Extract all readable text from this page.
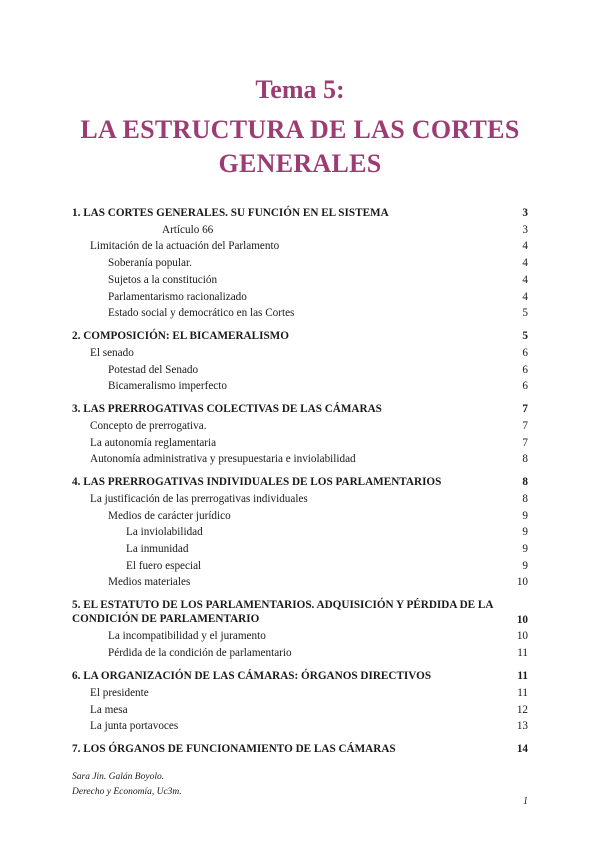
Tema 5:
LA ESTRUCTURA DE LAS CORTES GENERALES
1. LAS CORTES GENERALES. SU FUNCIÓN EN EL SISTEMA	3
Artículo 66	3
Limitación de la actuación del Parlamento	4
Soberanía popular.	4
Sujetos a la constitución	4
Parlamentarismo racionalizado	4
Estado social y democrático en las Cortes	5
2. COMPOSICIÓN: EL BICAMERALISMO	5
El senado	6
Potestad del Senado	6
Bicameralismo imperfecto	6
3. LAS PRERROGATIVAS COLECTIVAS DE LAS CÁMARAS	7
Concepto de prerrogativa.	7
La autonomía reglamentaria	7
Autonomía administrativa y presupuestaria e inviolabilidad	8
4. LAS PRERROGATIVAS INDIVIDUALES DE LOS PARLAMENTARIOS	8
La justificación de las prerrogativas individuales	8
Medios de carácter jurídico	9
La inviolabilidad	9
La inmunidad	9
El fuero especial	9
Medios materiales	10
5. EL ESTATUTO DE LOS PARLAMENTARIOS. ADQUISICIÓN Y PÉRDIDA DE LA CONDICIÓN DE PARLAMENTARIO	10
La incompatibilidad y el juramento	10
Pérdida de la condición de parlamentario	11
6. LA ORGANIZACIÓN DE LAS CÁMARAS: ÓRGANOS DIRECTIVOS	11
El presidente	11
La mesa	12
La junta portavoces	13
7. LOS ÓRGANOS DE FUNCIONAMIENTO DE LAS CÁMARAS	14
Sara Jin. Galán Boyolo.
Derecho y Economía, Uc3m.
1
